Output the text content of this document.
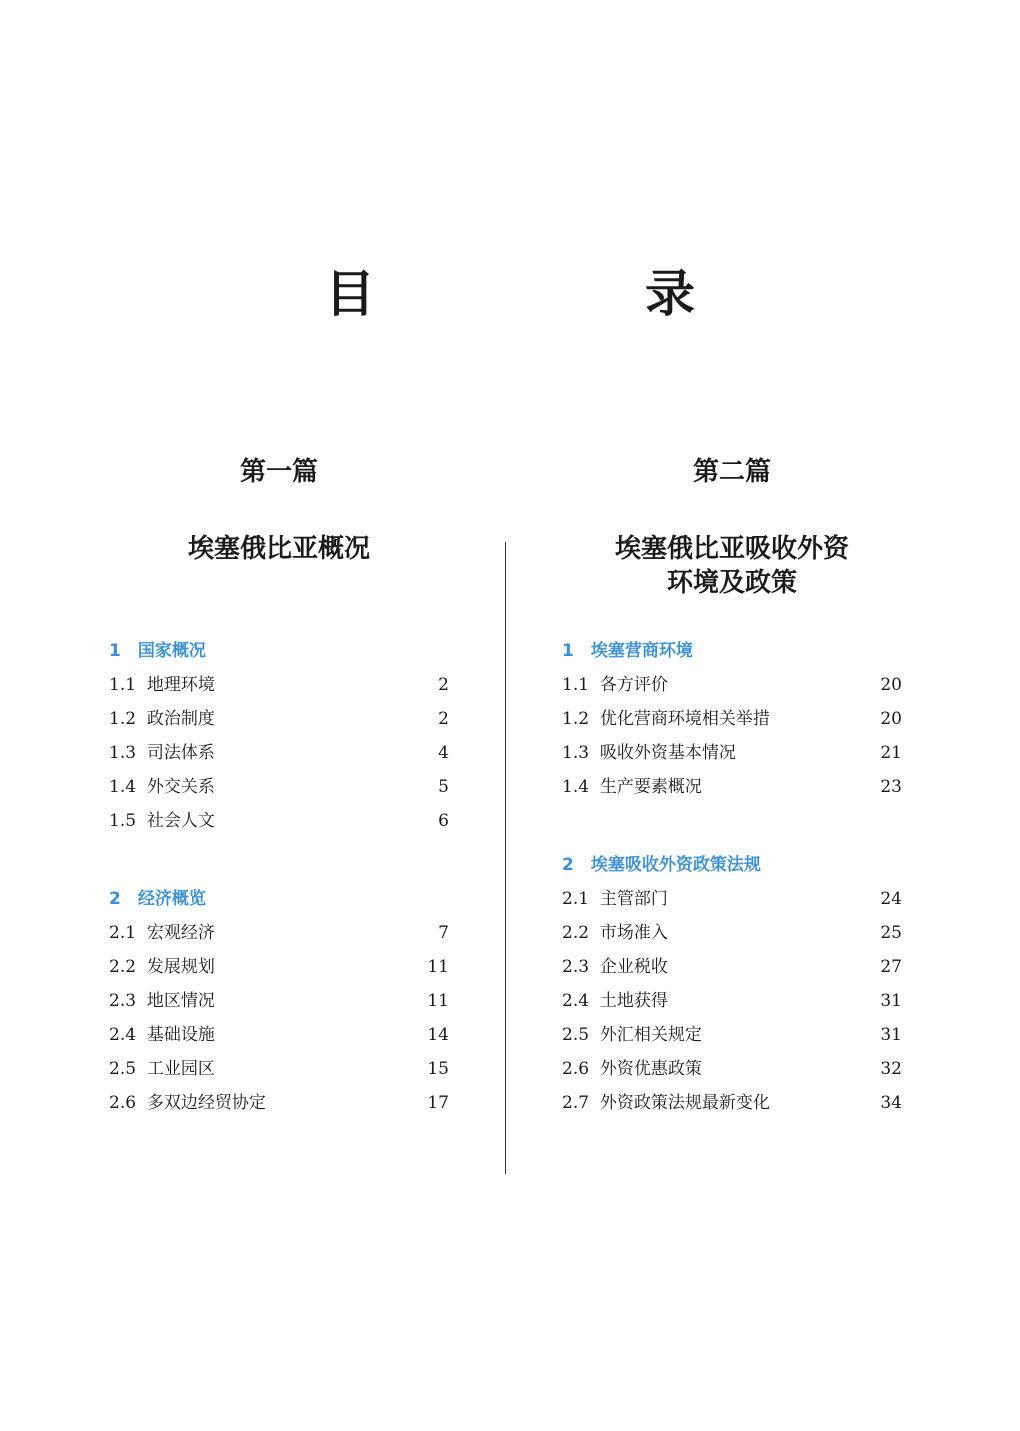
目　录
第一篇
埃塞俄比亚概况
1　国家概况
1.1  地理环境	2
1.2  政治制度	2
1.3  司法体系	4
1.4  外交关系	5
1.5  社会人文	6
2　经济概览
2.1  宏观经济	7
2.2  发展规划	11
2.3  地区情况	11
2.4  基础设施	14
2.5  工业园区	15
2.6  多双边经贸协定	17
第二篇
埃塞俄比亚吸收外资
环境及政策
1　埃塞营商环境
1.1  各方评价	20
1.2  优化营商环境相关举措	20
1.3  吸收外资基本情况	21
1.4  生产要素概况	23
2　埃塞吸收外资政策法规
2.1  主管部门	24
2.2  市场准入	25
2.3  企业税收	27
2.4  土地获得	31
2.5  外汇相关规定	31
2.6  外资优惠政策	32
2.7  外资政策法规最新变化	34
